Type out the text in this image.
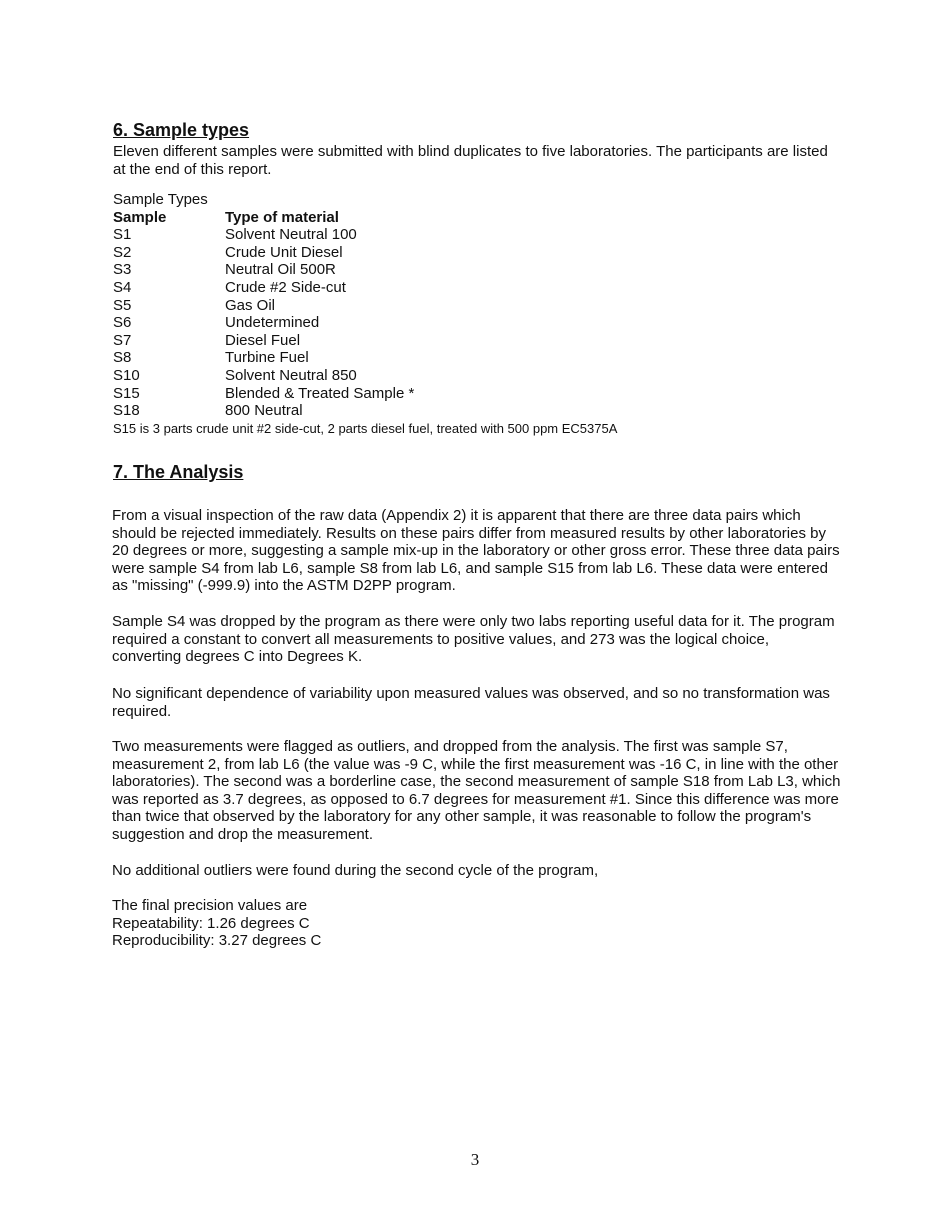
6. Sample types

Eleven different samples were submitted with blind duplicates to five laboratories. The participants are listed at the end of this report.

Sample Types
Sample	Type of material
S1	Solvent Neutral 100
S2	Crude Unit Diesel
S3	Neutral Oil 500R
S4	Crude #2 Side-cut
S5	Gas Oil
S6	Undetermined
S7	Diesel Fuel
S8	Turbine Fuel
S10	Solvent Neutral 850
S15	Blended & Treated Sample *
S18	800 Neutral
S15 is 3 parts crude unit #2 side-cut, 2 parts diesel fuel, treated with 500 ppm EC5375A
7. The Analysis

From a visual inspection of the raw data (Appendix 2) it is apparent that there are three data pairs which should be rejected immediately. Results on these pairs differ from measured results by other laboratories by 20 degrees or more, suggesting a sample mix-up in the laboratory or other gross error. These three data pairs were sample S4 from lab L6, sample S8 from lab L6, and sample S15 from lab L6. These data were entered as "missing" (-999.9) into the ASTM D2PP program.

Sample S4 was dropped by the program as there were only two labs reporting useful data for it. The program required a constant to convert all measurements to positive values, and 273 was the logical choice, converting degrees C into Degrees K.

No significant dependence of variability upon measured values was observed, and so no transformation was required.

Two measurements were flagged as outliers, and dropped from the analysis. The first was sample S7, measurement 2, from lab L6 (the value was -9 C, while the first measurement was -16 C, in line with the other laboratories). The second was a borderline case, the second measurement of sample S18 from Lab L3, which was reported as 3.7 degrees, as opposed to 6.7 degrees for measurement #1. Since this difference was more than twice that observed by the laboratory for any other sample, it was reasonable to follow the program's suggestion and drop the measurement.

No additional outliers were found during the second cycle of the program,

The final precision values are
Repeatability: 1.26 degrees C
Reproducibility: 3.27 degrees C
3
